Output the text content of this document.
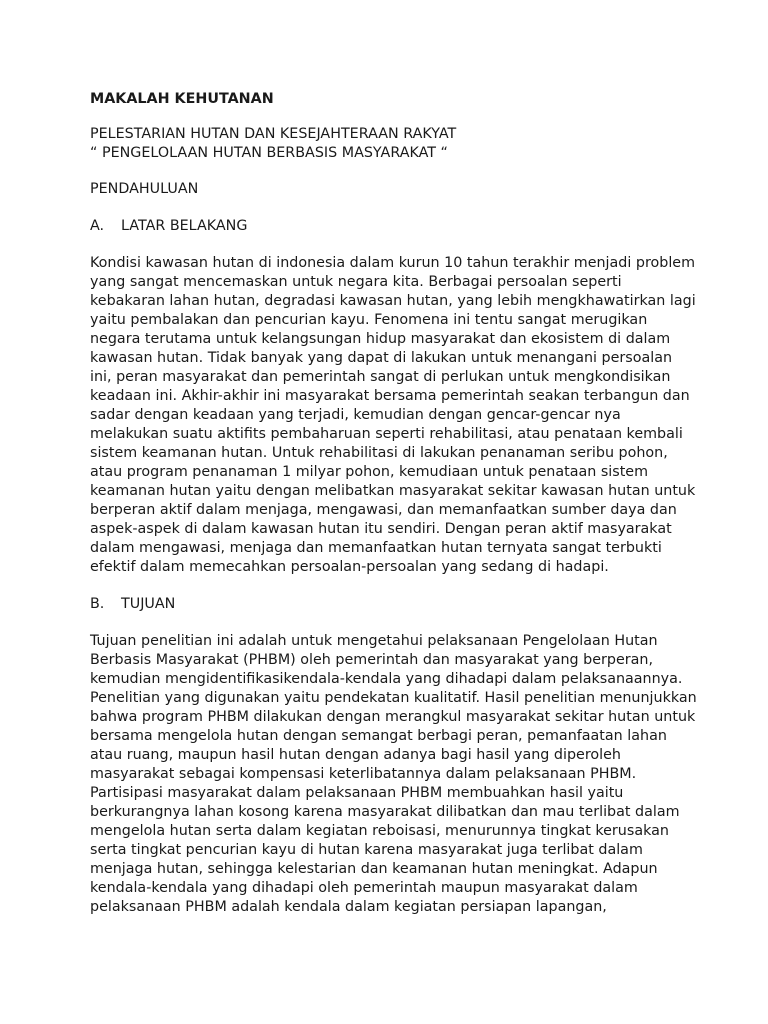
MAKALAH KEHUTANAN

PELESTARIAN HUTAN DAN KESEJAHTERAAN RAKYAT

“ PENGELOLAAN HUTAN BERBASIS MASYARAKAT “

PENDAHULUAN

A. LATAR BELAKANG

Kondisi kawasan hutan di indonesia dalam kurun 10 tahun terakhir menjadi problem

yang sangat mencemaskan untuk negara kita. Berbagai persoalan seperti

kebakaran lahan hutan, degradasi kawasan hutan, yang lebih mengkhawatirkan lagi

yaitu pembalakan dan pencurian kayu. Fenomena ini tentu sangat merugikan

negara terutama untuk kelangsungan hidup masyarakat dan ekosistem di dalam

kawasan hutan. Tidak banyak yang dapat di lakukan untuk menangani persoalan

ini, peran masyarakat dan pemerintah sangat di perlukan untuk mengkondisikan

keadaan ini. Akhir-akhir ini masyarakat bersama pemerintah seakan terbangun dan

sadar dengan keadaan yang terjadi, kemudian dengan gencar-gencar nya

melakukan suatu aktifits pembaharuan seperti rehabilitasi, atau penataan kembali

sistem keamanan hutan. Untuk rehabilitasi di lakukan penanaman seribu pohon,

atau program penanaman 1 milyar pohon, kemudiaan untuk penataan sistem

keamanan hutan yaitu dengan melibatkan masyarakat sekitar kawasan hutan untuk

berperan aktif dalam menjaga, mengawasi, dan memanfaatkan sumber daya dan

aspek-aspek di dalam kawasan hutan itu sendiri. Dengan peran aktif masyarakat

dalam mengawasi, menjaga dan memanfaatkan hutan ternyata sangat terbukti

efektif dalam memecahkan persoalan-persoalan yang sedang di hadapi.

B. TUJUAN

Tujuan penelitian ini adalah untuk mengetahui pelaksanaan Pengelolaan Hutan

Berbasis Masyarakat (PHBM) oleh pemerintah dan masyarakat yang berperan,

kemudian mengidentifikasikendala-kendala yang dihadapi dalam pelaksanaannya.

Penelitian yang digunakan yaitu pendekatan kualitatif. Hasil penelitian menunjukkan

bahwa program PHBM dilakukan dengan merangkul masyarakat sekitar hutan untuk

bersama mengelola hutan dengan semangat berbagi peran, pemanfaatan lahan

atau ruang, maupun hasil hutan dengan adanya bagi hasil yang diperoleh

masyarakat sebagai kompensasi keterlibatannya dalam pelaksanaan PHBM.

Partisipasi masyarakat dalam pelaksanaan PHBM membuahkan hasil yaitu

berkurangnya lahan kosong karena masyarakat dilibatkan dan mau terlibat dalam

mengelola hutan serta dalam kegiatan reboisasi, menurunnya tingkat kerusakan

serta tingkat pencurian kayu di hutan karena masyarakat juga terlibat dalam

menjaga hutan, sehingga kelestarian dan keamanan hutan meningkat. Adapun

kendala-kendala yang dihadapi oleh pemerintah maupun masyarakat dalam

pelaksanaan PHBM adalah kendala dalam kegiatan persiapan lapangan,
